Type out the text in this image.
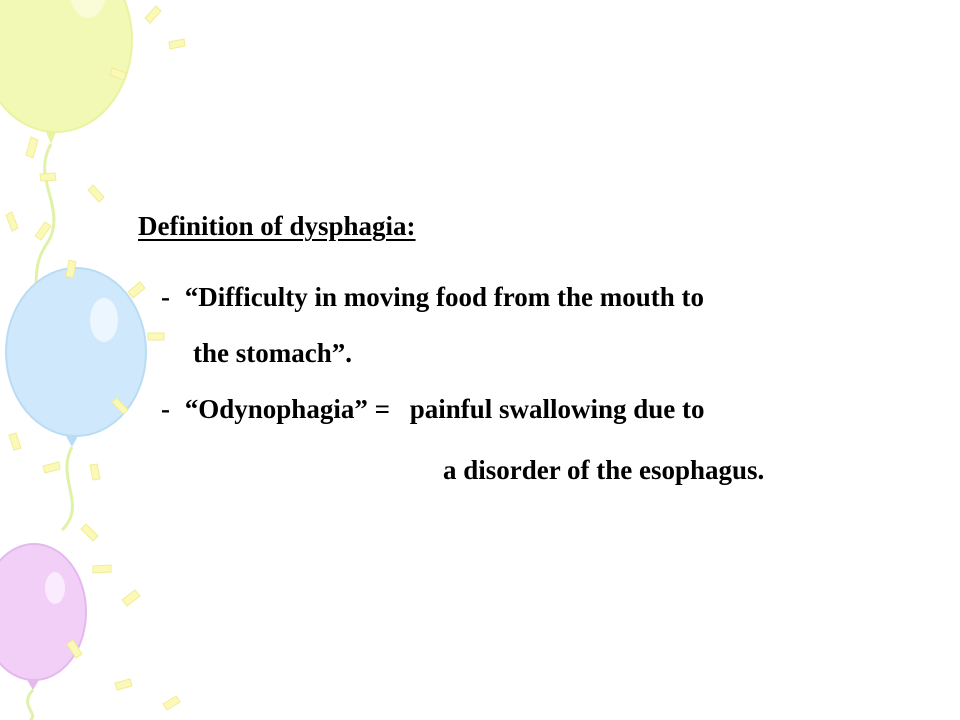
Definition of dysphagia:
- “Difficulty in moving food from the mouth to
the stomach”.
- “Odynophagia” = painful swallowing due to
a disorder of the esophagus.
